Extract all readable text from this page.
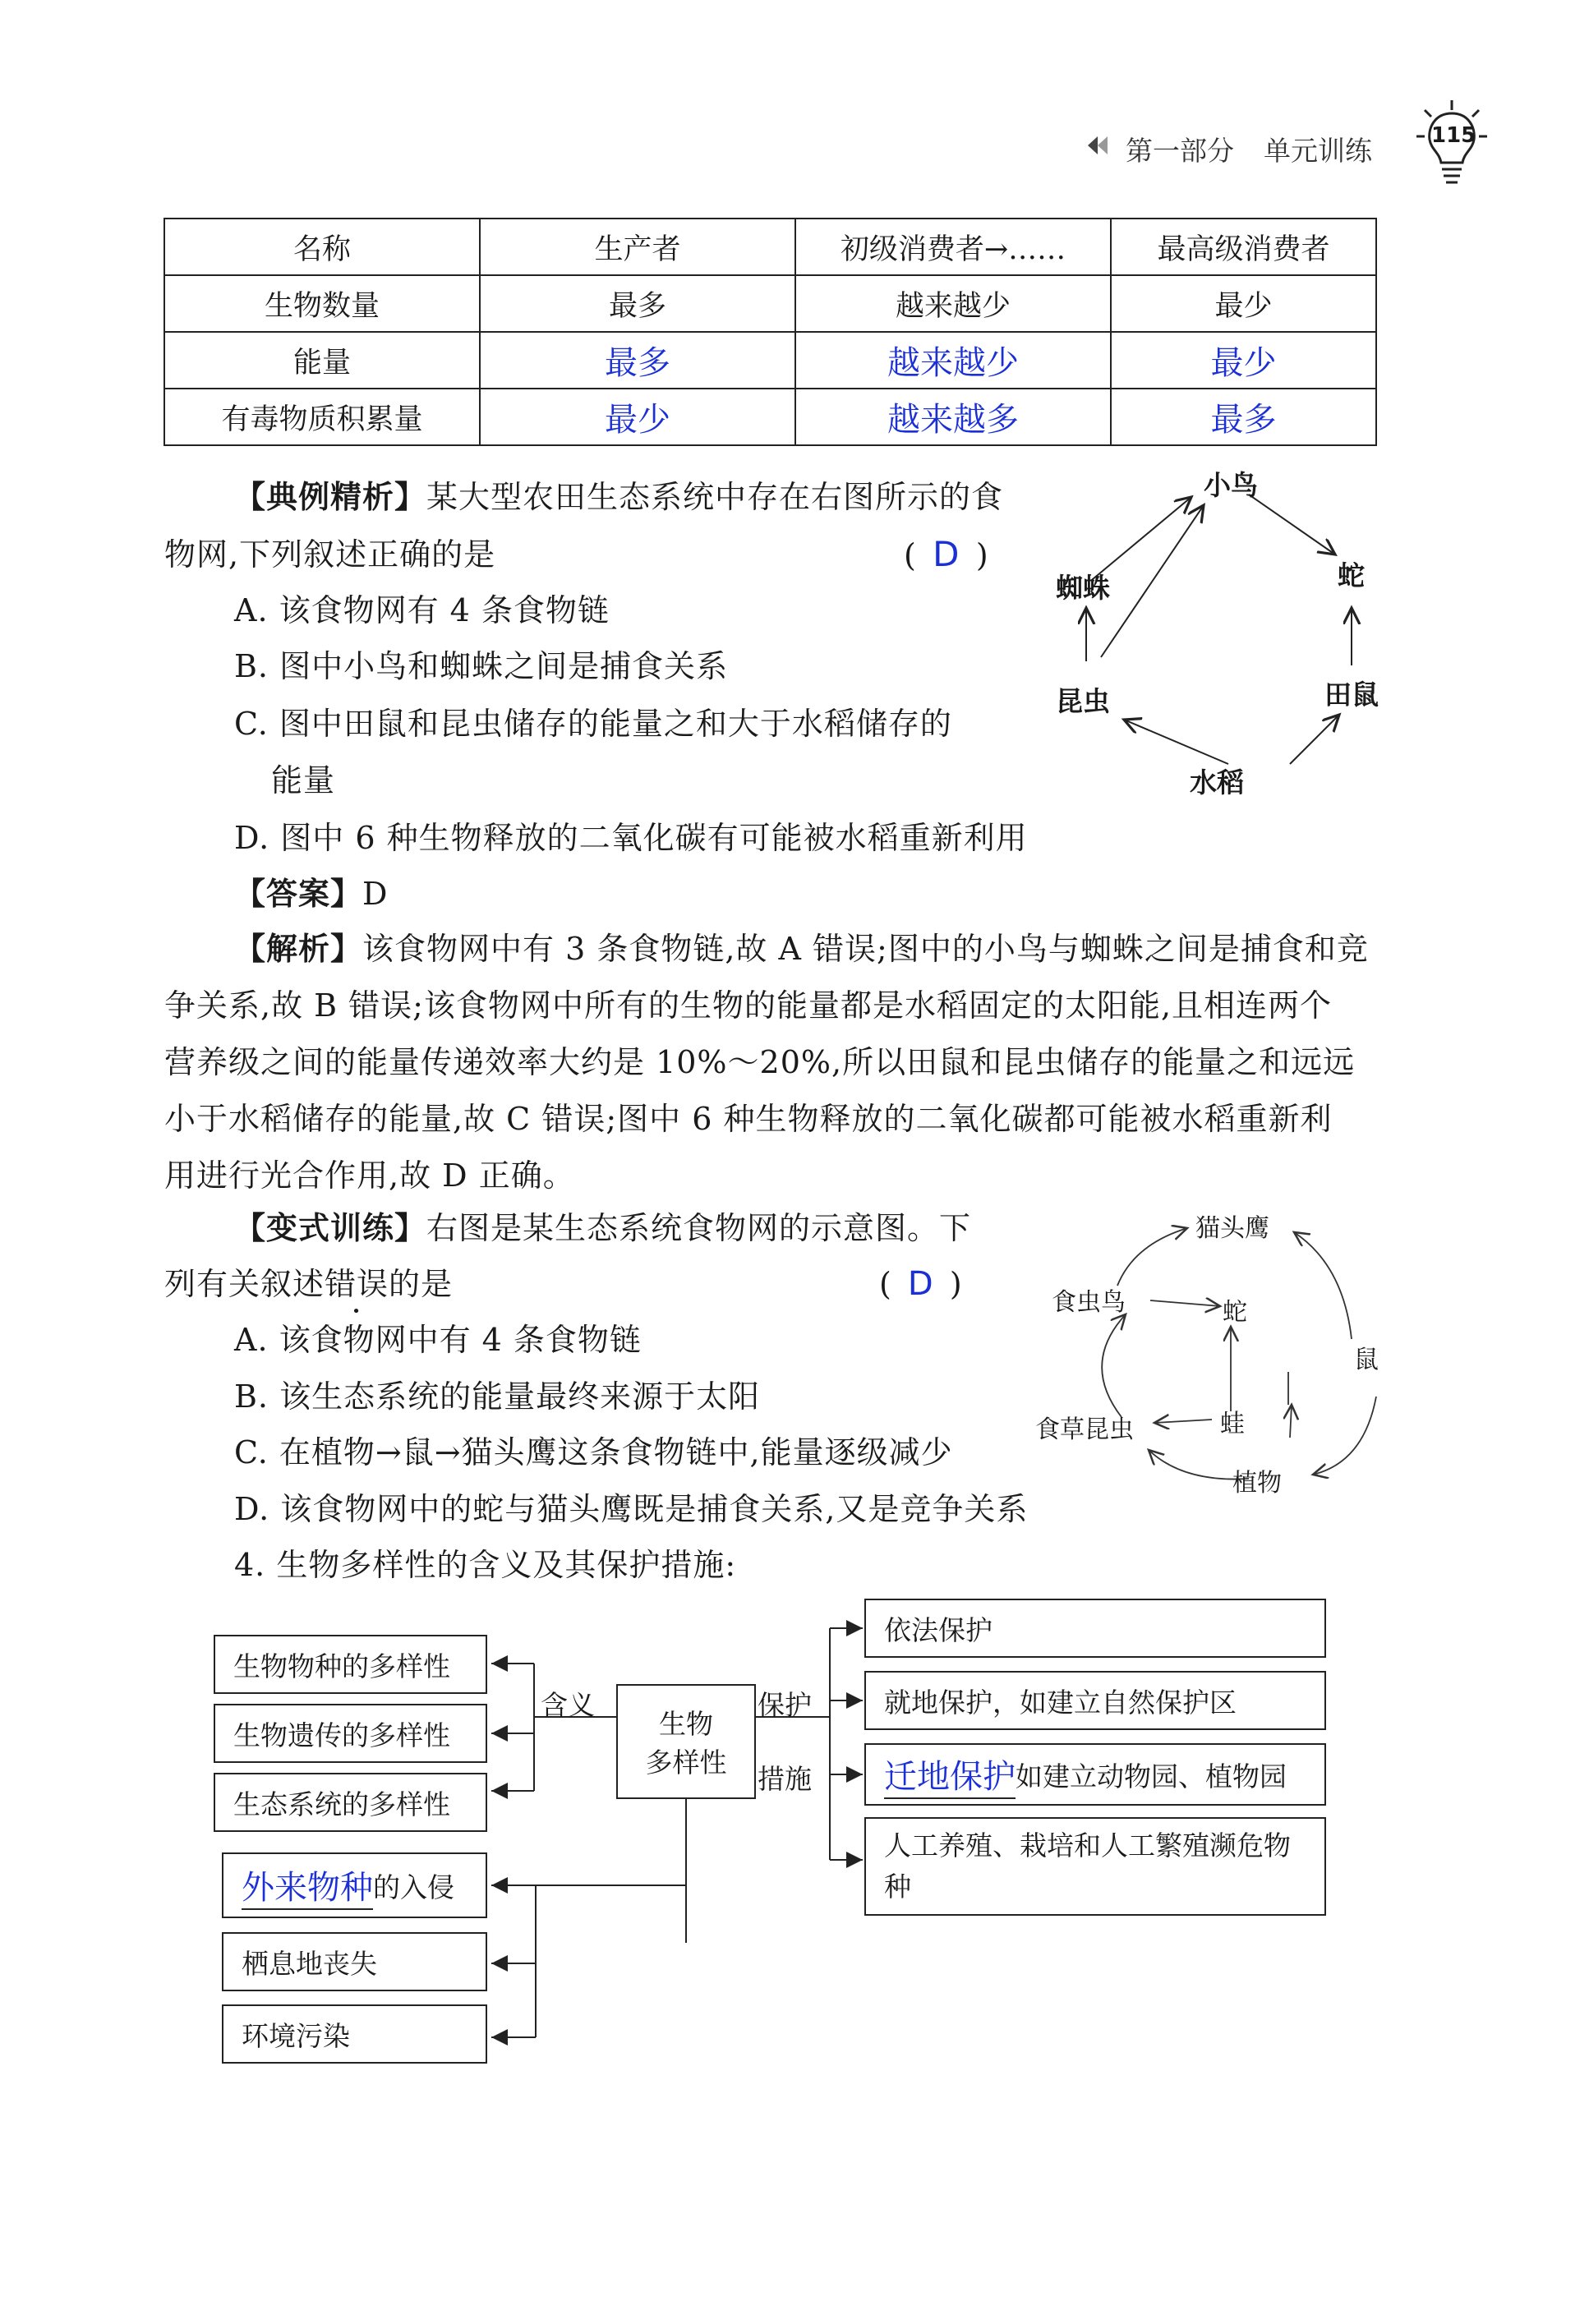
第一部分 单元训练	115
名称	生产者	初级消费者→……	最高级消费者
生物数量	最多	越来越少	最少
能量	最多	越来越少	最少
有毒物质积累量	最少	越来越多	最多
【典例精析】某大型农田生态系统中存在右图所示的食
物网,下列叙述正确的是	( D )
A. 该食物网有 4 条食物链
B. 图中小鸟和蜘蛛之间是捕食关系
C. 图中田鼠和昆虫储存的能量之和大于水稻储存的
能量
D. 图中 6 种生物释放的二氧化碳有可能被水稻重新利用
【答案】D
【解析】该食物网中有 3 条食物链,故 A 错误;图中的小鸟与蜘蛛之间是捕食和竞
争关系,故 B 错误;该食物网中所有的生物的能量都是水稻固定的太阳能,且相连两个
营养级之间的能量传递效率大约是 10%～20%,所以田鼠和昆虫储存的能量之和远远
小于水稻储存的能量,故 C 错误;图中 6 种生物释放的二氧化碳都可能被水稻重新利
用进行光合作用,故 D 正确。
小鸟
蜘蛛	蛇
昆虫	田鼠
水稻
【变式训练】右图是某生态系统食物网的示意图。下
列有关叙述错误的是	( D )
A. 该食物网中有 4 条食物链
B. 该生态系统的能量最终来源于太阳
C. 在植物→鼠→猫头鹰这条食物链中,能量逐级减少
D. 该食物网中的蛇与猫头鹰既是捕食关系,又是竞争关系
猫头鹰
食虫鸟	蛇
鼠
蛙
食草昆虫
植物
4. 生物多样性的含义及其保护措施:
生物物种的多样性
生物遗传的多样性
生态系统的多样性
含义
生物
多样性
保护
措施
依法保护
就地保护，如建立自然保护区
迁地保护 如建立动物园、植物园
人工养殖、栽培和人工繁殖濒危物
种
外来物种 的入侵
栖息地丧失
环境污染
